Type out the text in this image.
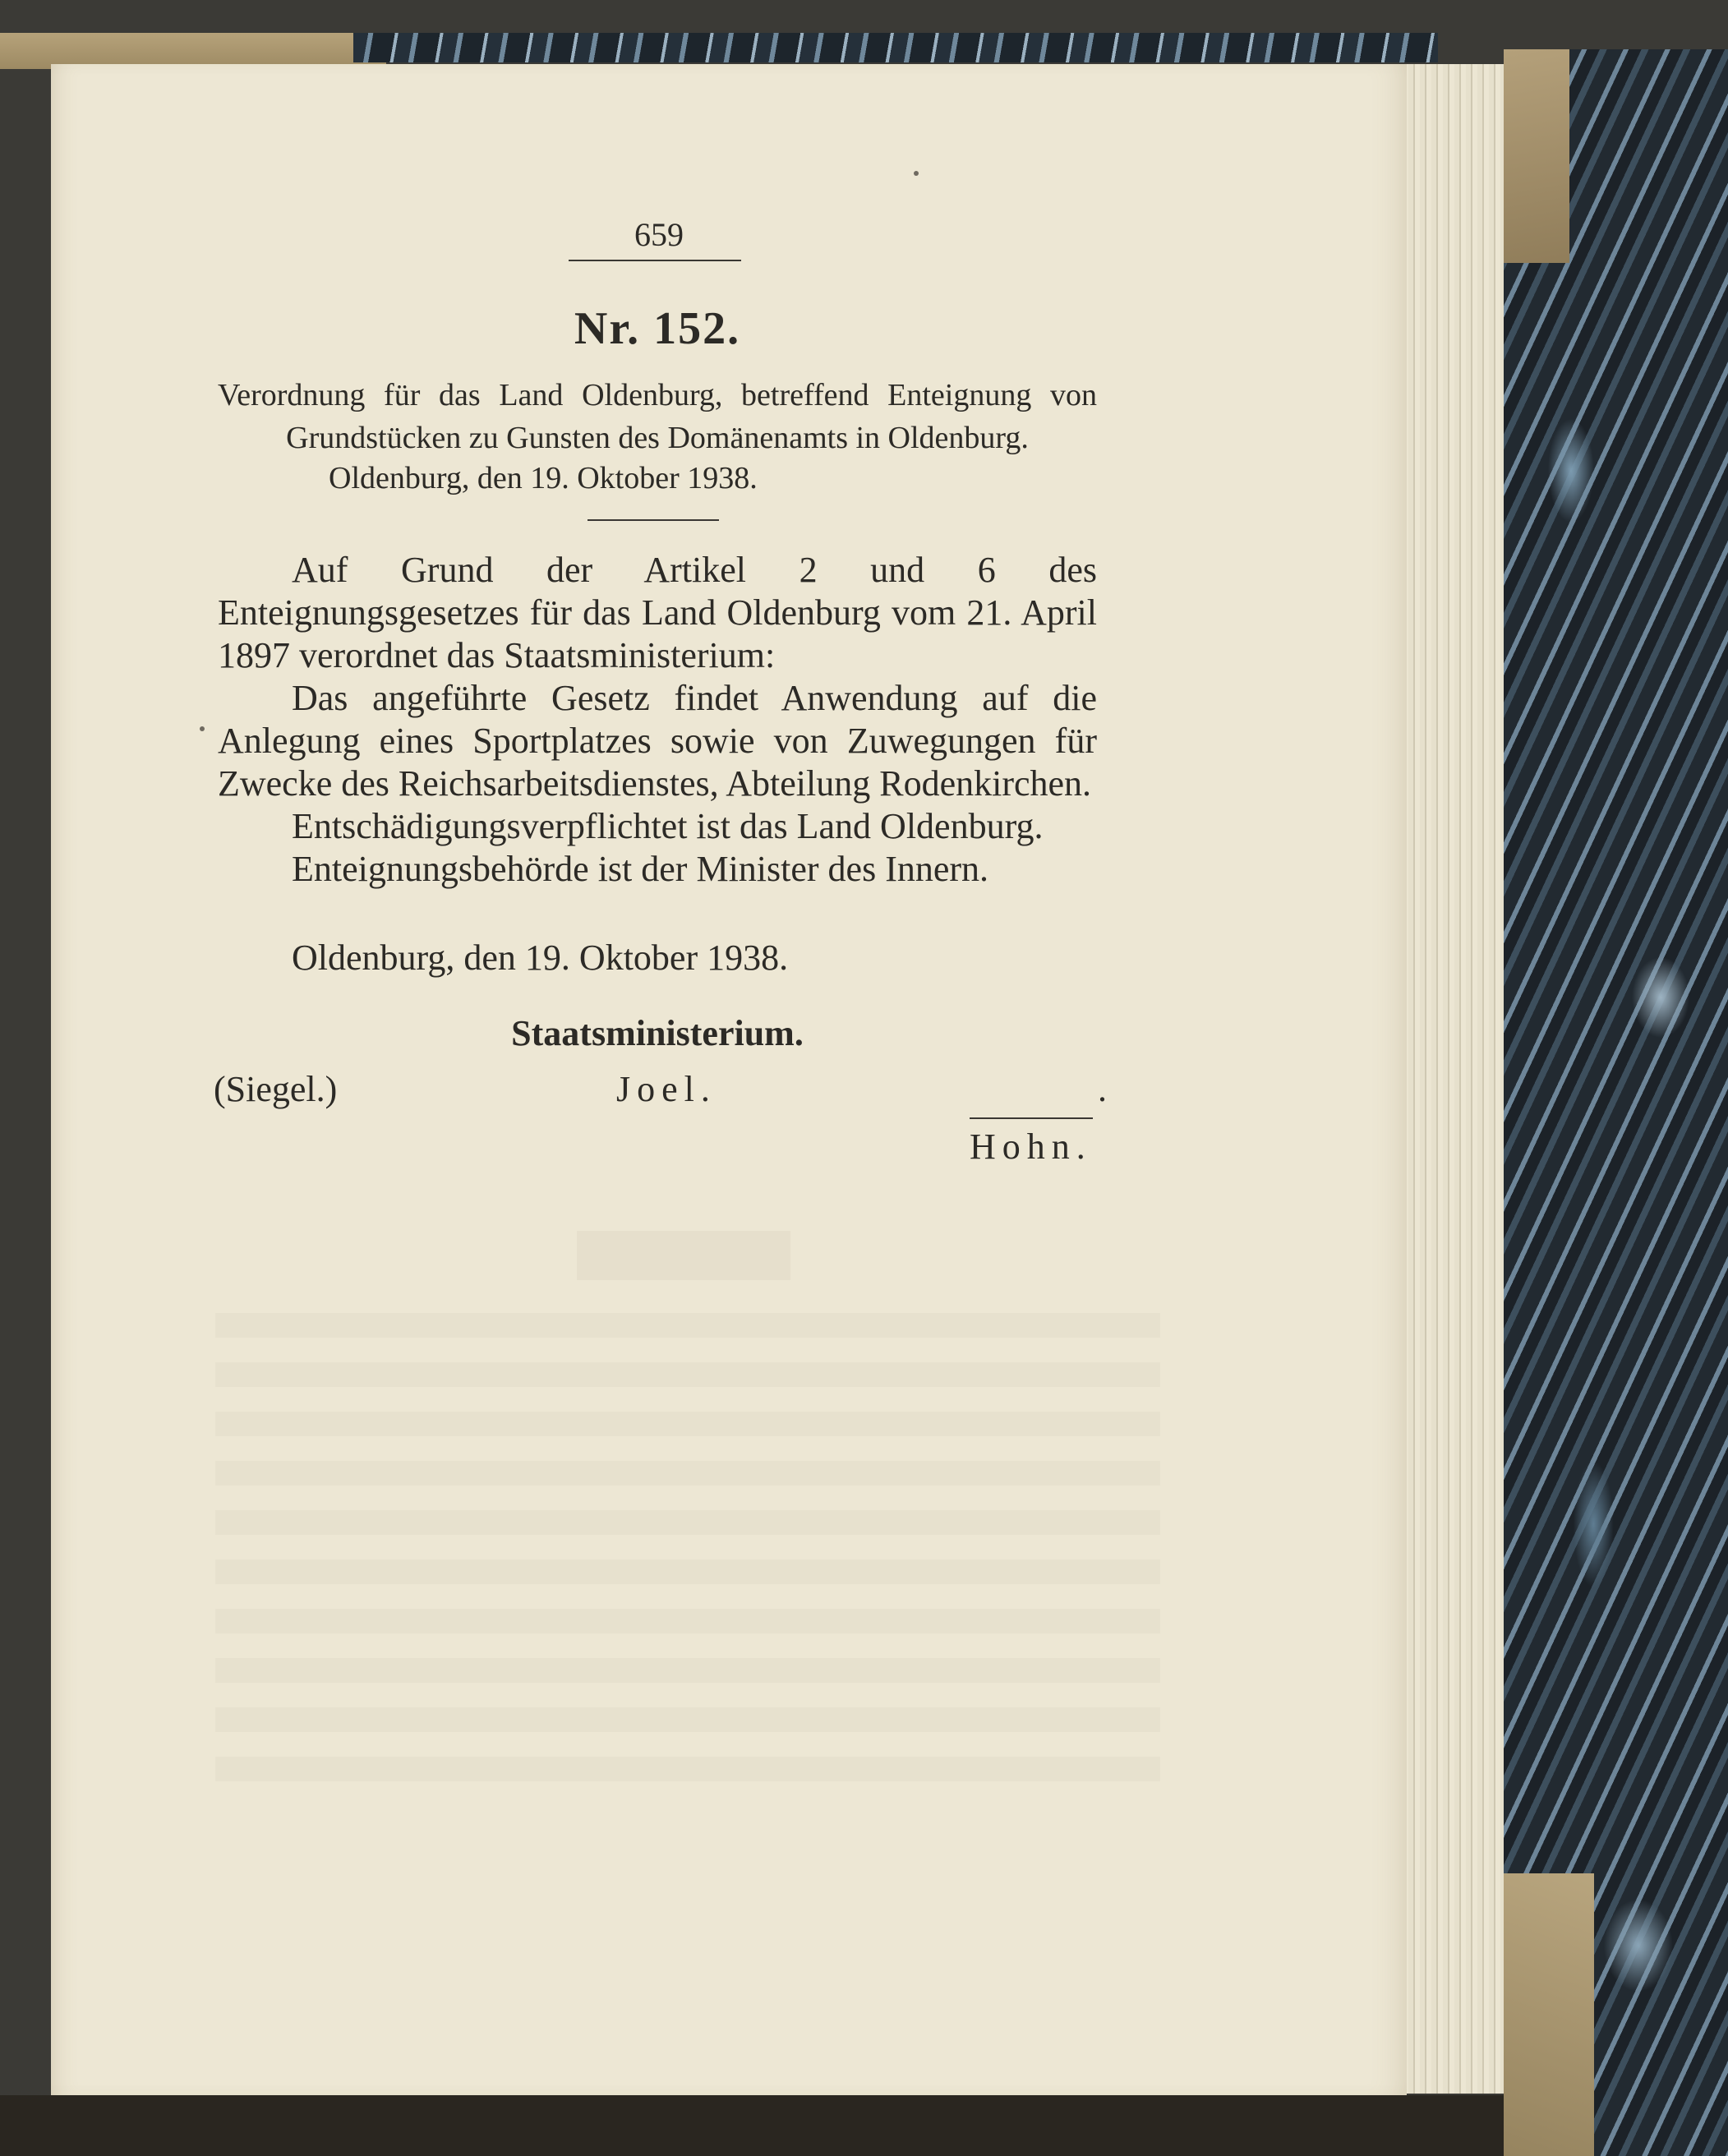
659
Nr. 152.
Verordnung für das Land Oldenburg, betreffend Enteignung von Grundstücken zu Gunsten des Domänenamts in Oldenburg.
Oldenburg, den 19. Oktober 1938.

Auf Grund der Artikel 2 und 6 des Enteignungsgesetzes für das Land Oldenburg vom 21. April 1897 verordnet das Staatsministerium:

Das angeführte Gesetz findet Anwendung auf die Anlegung eines Sportplatzes sowie von Zuwegungen für Zwecke des Reichsarbeitsdienstes, Abteilung Rodenkirchen.

Entschädigungsverpflichtet ist das Land Oldenburg.

Enteignungsbehörde ist der Minister des Innern.

Oldenburg, den 19. Oktober 1938.
Staatsministerium.
(Siegel.)	Joel.	.
Hohn.
